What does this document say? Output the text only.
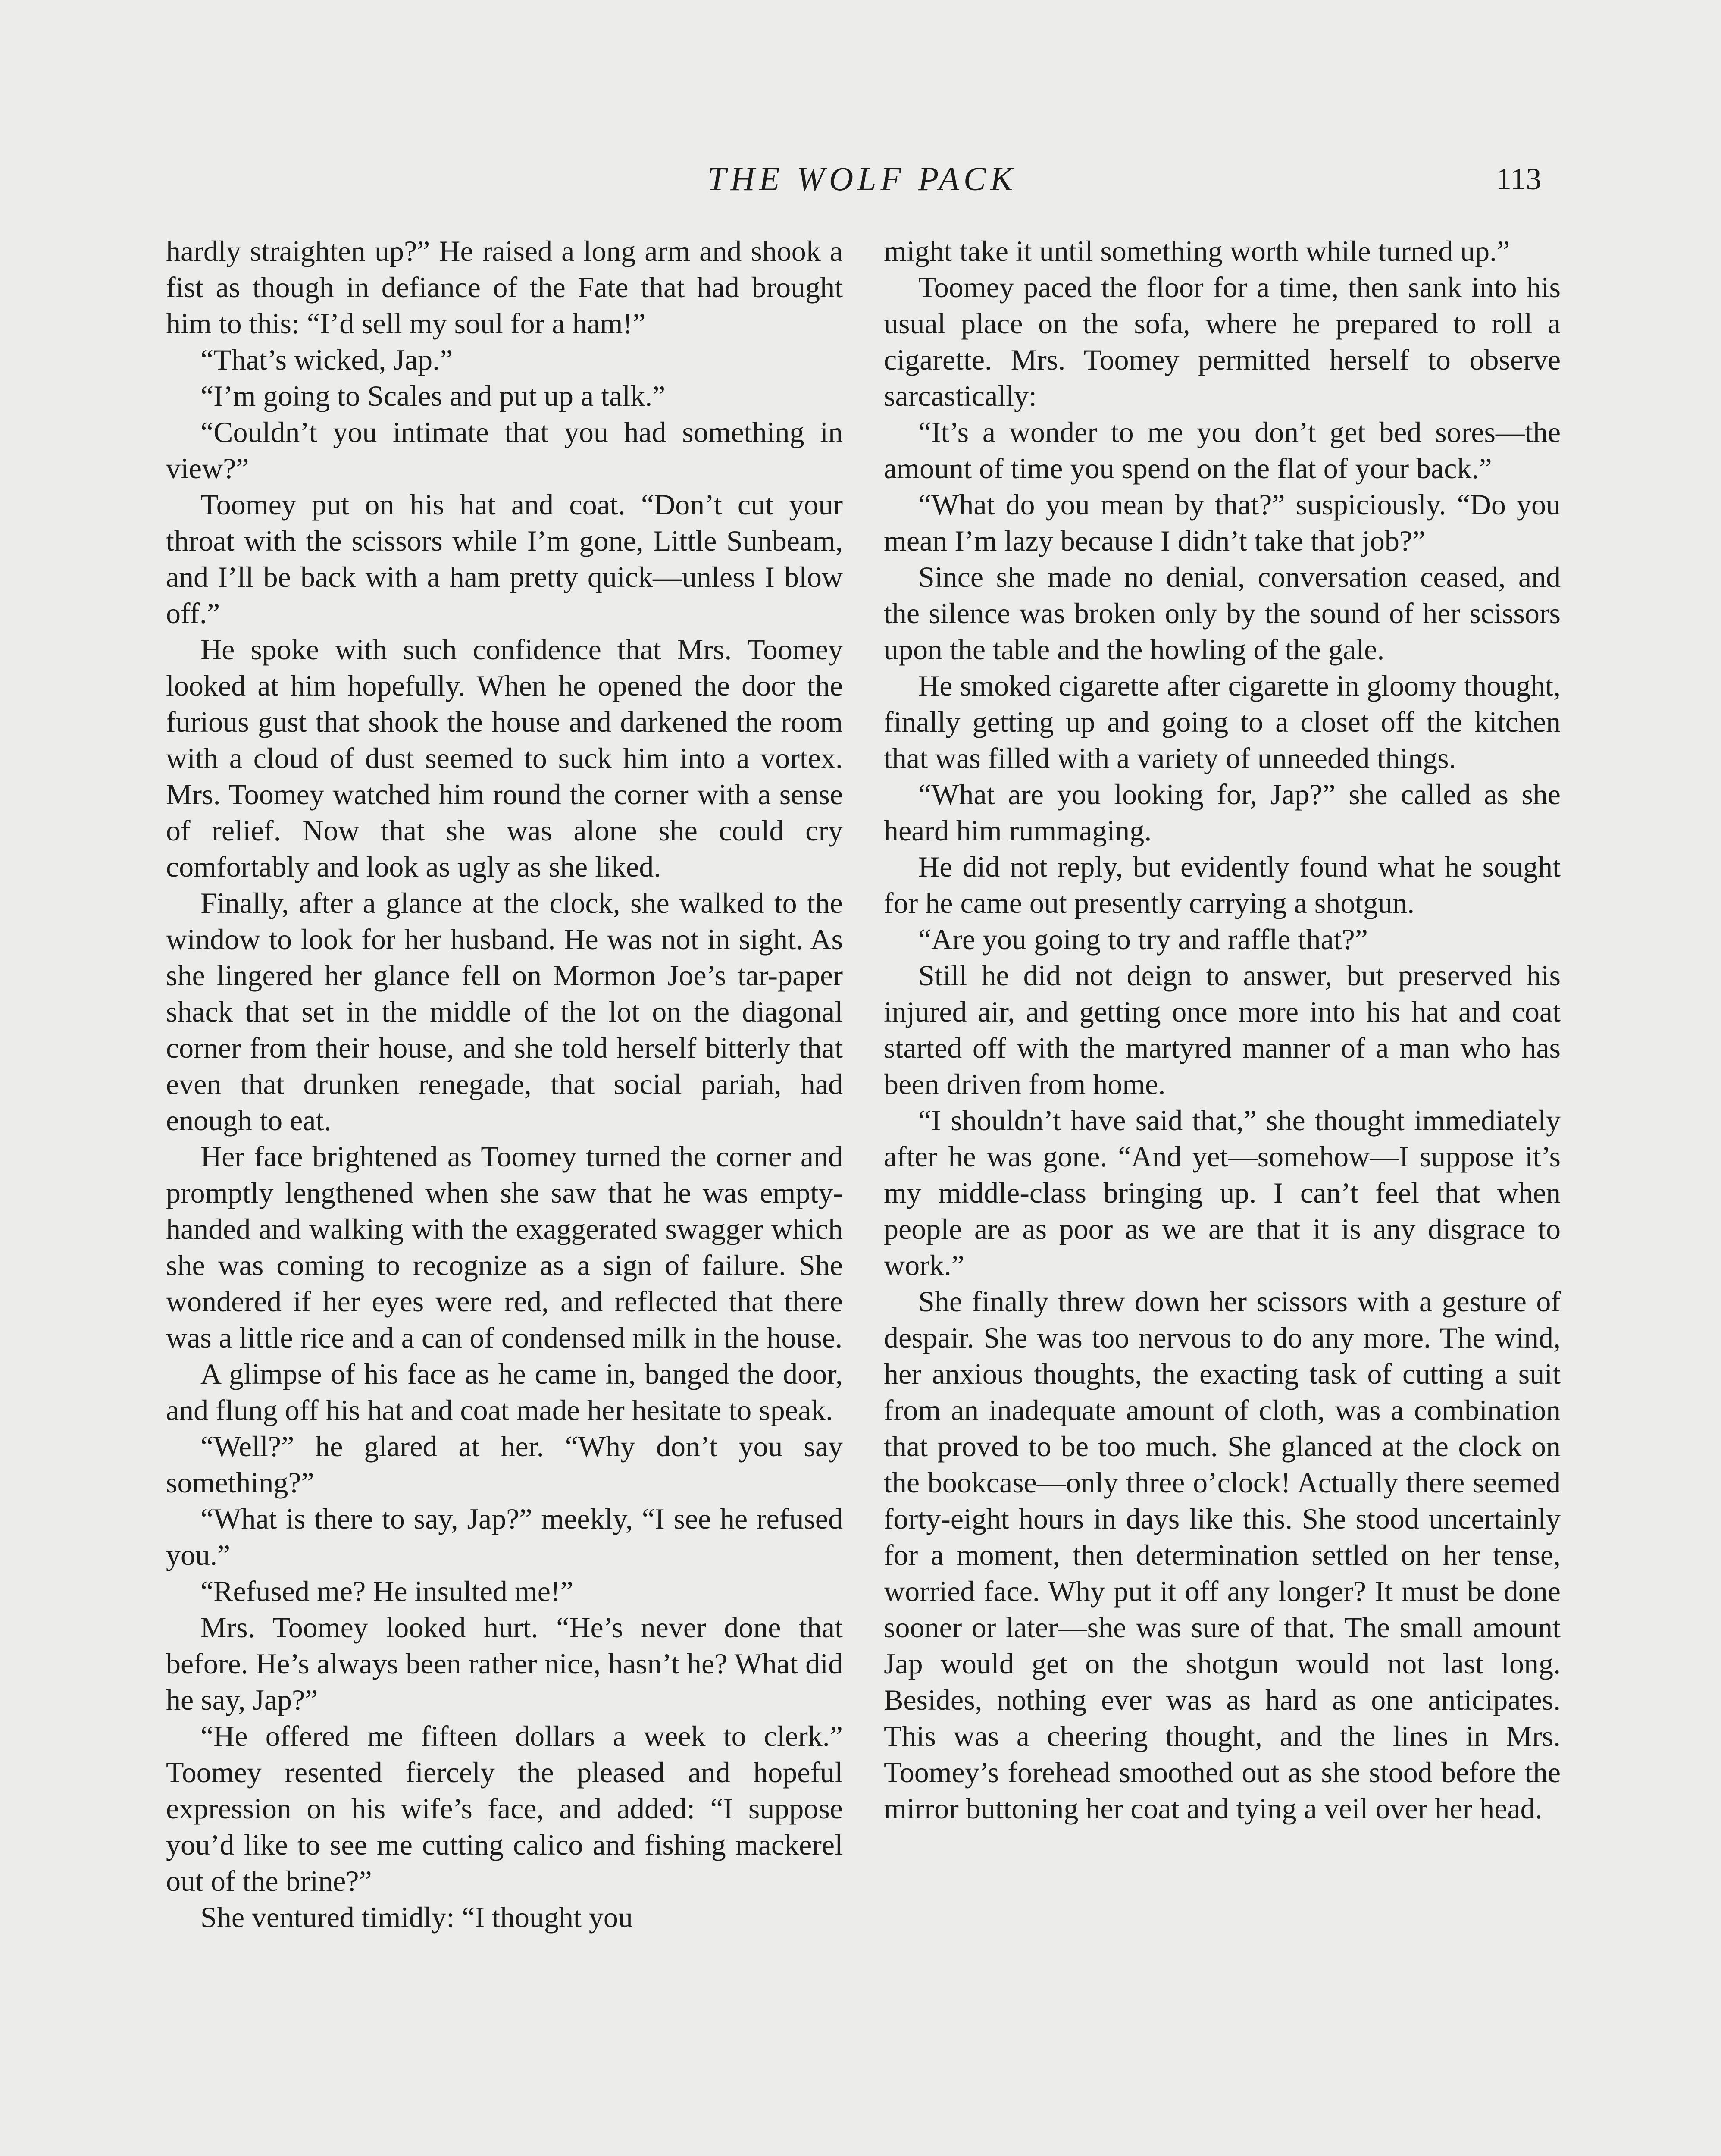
THE WOLF PACK	113

hardly straighten up?” He raised a long arm and shook a fist as though in defiance of the Fate that had brought him to this: “I’d sell my soul for a ham!”

“That’s wicked, Jap.”

“I’m going to Scales and put up a talk.”

“Couldn’t you intimate that you had something in view?”

Toomey put on his hat and coat. “Don’t cut your throat with the scissors while I’m gone, Little Sunbeam, and I’ll be back with a ham pretty quick—unless I blow off.”

He spoke with such confidence that Mrs. Toomey looked at him hopefully. When he opened the door the furious gust that shook the house and darkened the room with a cloud of dust seemed to suck him into a vortex. Mrs. Toomey watched him round the corner with a sense of relief. Now that she was alone she could cry comfortably and look as ugly as she liked.

Finally, after a glance at the clock, she walked to the window to look for her husband. He was not in sight. As she lingered her glance fell on Mormon Joe’s tar-paper shack that set in the middle of the lot on the diagonal corner from their house, and she told herself bitterly that even that drunken renegade, that social pariah, had enough to eat.

Her face brightened as Toomey turned the corner and promptly lengthened when she saw that he was empty-handed and walking with the exaggerated swagger which she was coming to recognize as a sign of failure. She wondered if her eyes were red, and reflected that there was a little rice and a can of condensed milk in the house.

A glimpse of his face as he came in, banged the door, and flung off his hat and coat made her hesitate to speak.

“Well?” he glared at her. “Why don’t you say something?”

“What is there to say, Jap?” meekly, “I see he refused you.”

“Refused me? He insulted me!”

Mrs. Toomey looked hurt. “He’s never done that before. He’s always been rather nice, hasn’t he? What did he say, Jap?”

“He offered me fifteen dollars a week to clerk.” Toomey resented fiercely the pleased and hopeful expression on his wife’s face, and added: “I suppose you’d like to see me cutting calico and fishing mackerel out of the brine?”

She ventured timidly: “I thought you

might take it until something worth while turned up.”

Toomey paced the floor for a time, then sank into his usual place on the sofa, where he prepared to roll a cigarette. Mrs. Toomey permitted herself to observe sarcastically:

“It’s a wonder to me you don’t get bed sores—the amount of time you spend on the flat of your back.”

“What do you mean by that?” suspiciously. “Do you mean I’m lazy because I didn’t take that job?”

Since she made no denial, conversation ceased, and the silence was broken only by the sound of her scissors upon the table and the howling of the gale.

He smoked cigarette after cigarette in gloomy thought, finally getting up and going to a closet off the kitchen that was filled with a variety of unneeded things.

“What are you looking for, Jap?” she called as she heard him rummaging.

He did not reply, but evidently found what he sought for he came out presently carrying a shotgun.

“Are you going to try and raffle that?”

Still he did not deign to answer, but preserved his injured air, and getting once more into his hat and coat started off with the martyred manner of a man who has been driven from home.

“I shouldn’t have said that,” she thought immediately after he was gone. “And yet—somehow—I suppose it’s my middle-class bringing up. I can’t feel that when people are as poor as we are that it is any disgrace to work.”

She finally threw down her scissors with a gesture of despair. She was too nervous to do any more. The wind, her anxious thoughts, the exacting task of cutting a suit from an inadequate amount of cloth, was a combination that proved to be too much. She glanced at the clock on the bookcase—only three o’clock! Actually there seemed forty-eight hours in days like this. She stood uncertainly for a moment, then determination settled on her tense, worried face. Why put it off any longer? It must be done sooner or later—she was sure of that. The small amount Jap would get on the shotgun would not last long. Besides, nothing ever was as hard as one anticipates. This was a cheering thought, and the lines in Mrs. Toomey’s forehead smoothed out as she stood before the mirror buttoning her coat and tying a veil over her head.
